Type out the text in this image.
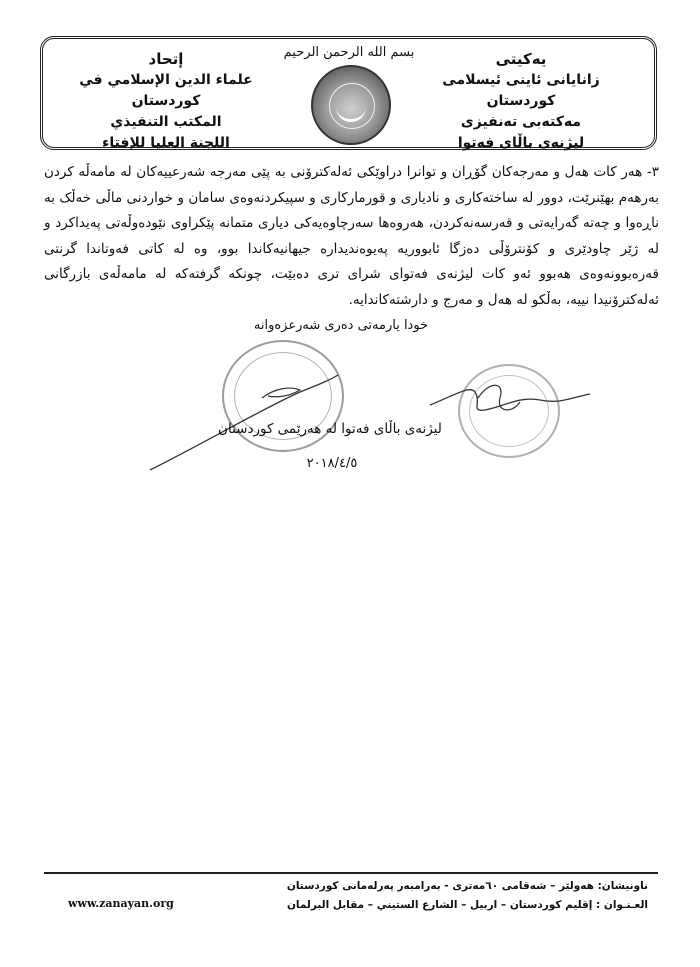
یەکیتی
زانایانی ئاینی ئیسلامی کوردستان
مەکتەبی تەنفیزی
لیژنەی باڵای فەتوا
بسم الله الرحمن الرحيم
إتحاد
علماء الدين الإسلامي في كوردستان
المكتب التنفيذي
اللجنة العليا للإفتاء
٣- هەر کات هەل و مەرجەکان گۆڕان و توانرا دراوێکی ئەلەکترۆنی بە پێی مەرجە شەرعییەکان لە مامەڵە کردن بەرهەم بهێنرێت، دوور لە ساختەکاری و نادیاری و قورمارکاری و سپیکردنەوەی سامان و خواردنی ماڵی خەڵک بە ناڕەوا و چەتە گەرایەتی و قەرسەنەکردن، هەروەها سەرچاوەیەکی دیاری متمانە پێکراوی نێودەوڵەتی پەیداکرد و لە ژێر چاودێری و کۆنترۆڵی دەزگا ئابووریە پەیوەندیدارە جیهانیەکاندا بوو، وە لە کاتی فەوتاندا گرنتی قەرەبوونەوەی هەبوو ئەو کات لیژنەی فەتوای شرای تری دەبێت، چونکە گرفتەکە لە مامەڵەی بازرگانی ئەلەکترۆنیدا نییە، بەڵکو لە هەل و مەرج و دارشتەکاندایە.
خودا یارمەتی دەری شەرعزەوانە
لیژنەی باڵای فەتوا لە هەرێمی کوردستان
٢٠١٨/٤/٥
ناونیشان: هەولێر – شەقامی ٦٠مەتری - بەرامبەر پەرلەمانی کوردستان
العـنـوان : إقليم كوردستان – اربيل – الشارع الستيني – مقابل البرلمان
www.zanayan.org
